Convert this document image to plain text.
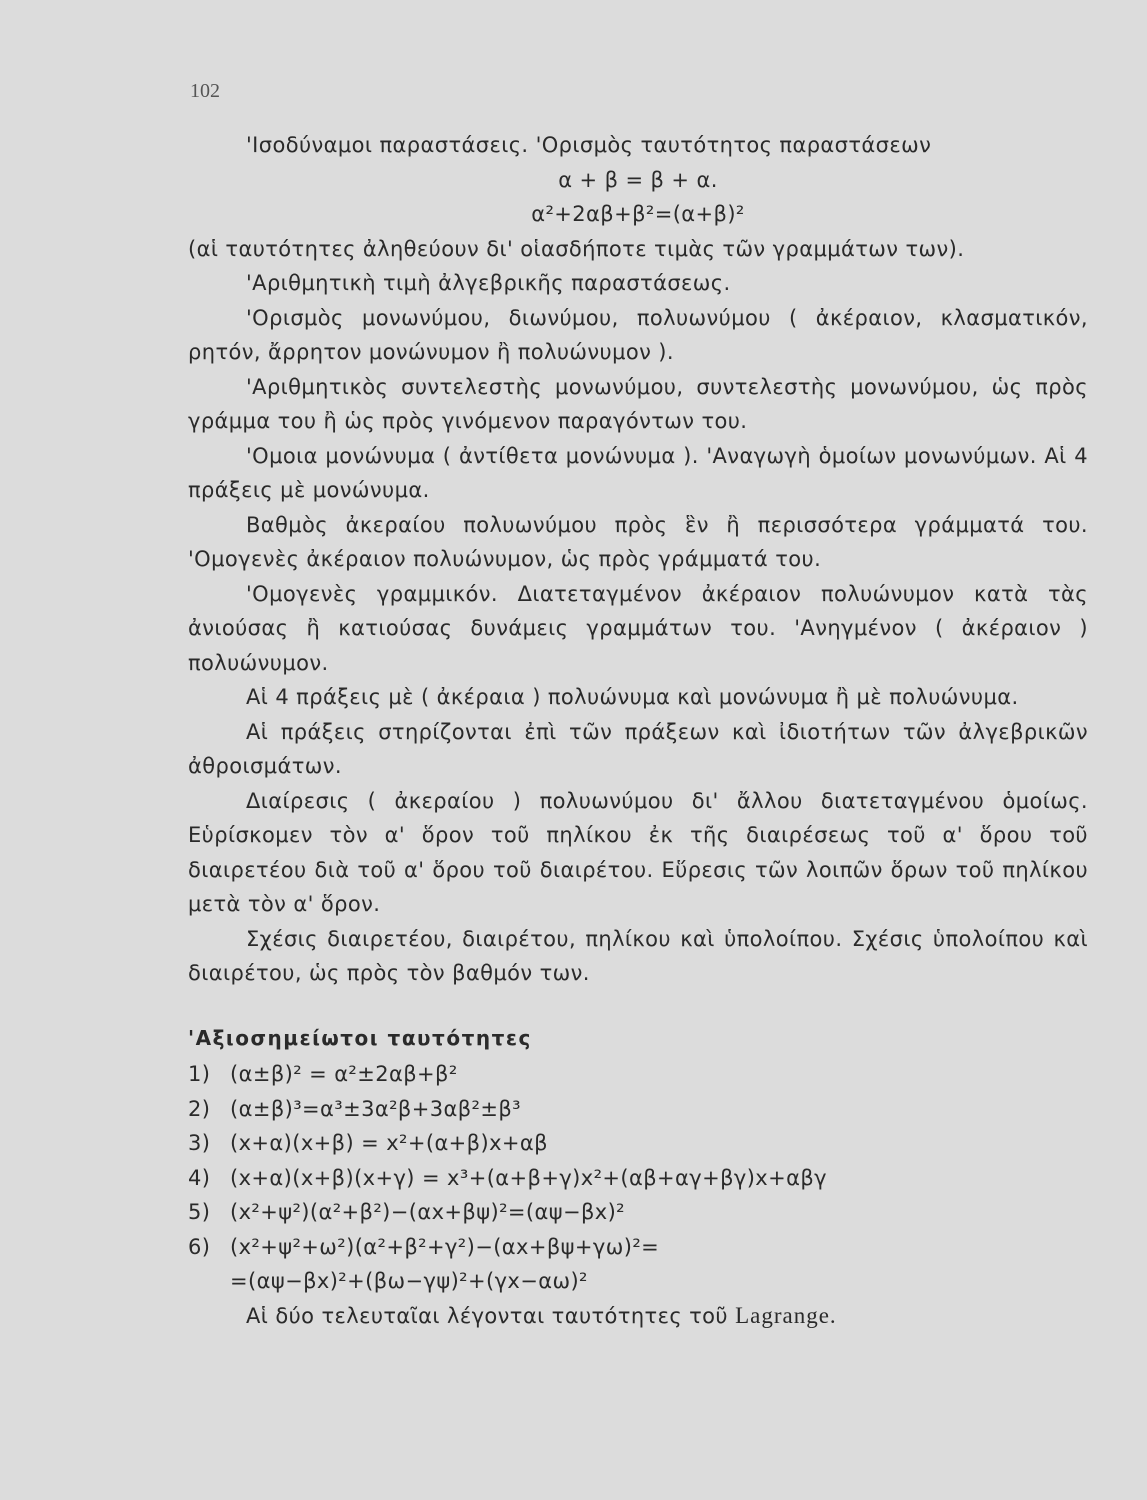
102

'Ισοδύναμοι παραστάσεις. 'Ορισμὸς ταυτότητος παραστάσεων

α + β = β + α.

α²+2αβ+β²=(α+β)²

(αἱ ταυτότητες ἀληθεύουν δι' οἱασδήποτε τιμὰς τῶν γραμμάτων των).

'Αριθμητικὴ τιμὴ ἀλγεβρικῆς παραστάσεως.

'Ορισμὸς μονωνύμου, διωνύμου, πολυωνύμου ( ἀκέραιον, κλασματικόν, ρητόν, ἄρρητον μονώνυμον ἢ πολυώνυμον ).

'Αριθμητικὸς συντελεστὴς μονωνύμου, συντελεστὴς μονωνύμου, ὡς πρὸς γράμμα του ἢ ὡς πρὸς γινόμενον παραγόντων του.

'Ομοια μονώνυμα ( ἀντίθετα μονώνυμα ). 'Αναγωγὴ ὁμοίων μονωνύμων. Αἱ 4 πράξεις μὲ μονώνυμα.

Βαθμὸς ἀκεραίου πολυωνύμου πρὸς ἓν ἢ περισσότερα γράμματά του. 'Ομογενὲς ἀκέραιον πολυώνυμον, ὡς πρὸς γράμματά του.

'Ομογενὲς γραμμικόν. Διατεταγμένον ἀκέραιον πολυώνυμον κατὰ τὰς ἀνιούσας ἢ κατιούσας δυνάμεις γραμμάτων του. 'Ανηγμένον ( ἀκέραιον ) πολυώνυμον.

Αἱ 4 πράξεις μὲ ( ἀκέραια ) πολυώνυμα καὶ μονώνυμα ἢ μὲ πολυώνυμα.

Αἱ πράξεις στηρίζονται ἐπὶ τῶν πράξεων καὶ ἰδιοτήτων τῶν ἀλγεβρικῶν ἀθροισμάτων.

Διαίρεσις ( ἀκεραίου ) πολυωνύμου δι' ἄλλου διατεταγμένου ὁμοίως. Εὑρίσκομεν τὸν α' ὅρον τοῦ πηλίκου ἐκ τῆς διαιρέσεως τοῦ α' ὅρου τοῦ διαιρετέου διὰ τοῦ α' ὅρου τοῦ διαιρέτου. Εὕρεσις τῶν λοιπῶν ὅρων τοῦ πηλίκου μετὰ τὸν α' ὅρον.

Σχέσις διαιρετέου, διαιρέτου, πηλίκου καὶ ὑπολοίπου. Σχέσις ὑπολοίπου καὶ διαιρέτου, ὡς πρὸς τὸν βαθμόν των.

'Αξιοσημείωτοι ταυτότητες

1) (α±β)² = α²±2αβ+β²
2) (α±β)³=α³±3α²β+3αβ²±β³
3) (x+α)(x+β) = x²+(α+β)x+αβ
4) (x+α)(x+β)(x+γ) = x³+(α+β+γ)x²+(αβ+αγ+βγ)x+αβγ
5) (x²+ψ²)(α²+β²)−(αx+βψ)²=(αψ−βx)²
6) (x²+ψ²+ω²)(α²+β²+γ²)−(αx+βψ+γω)²=
=(αψ−βx)²+(βω−γψ)²+(γx−αω)²

Αἱ δύο τελευταῖαι λέγονται ταυτότητες τοῦ Lagrange.
